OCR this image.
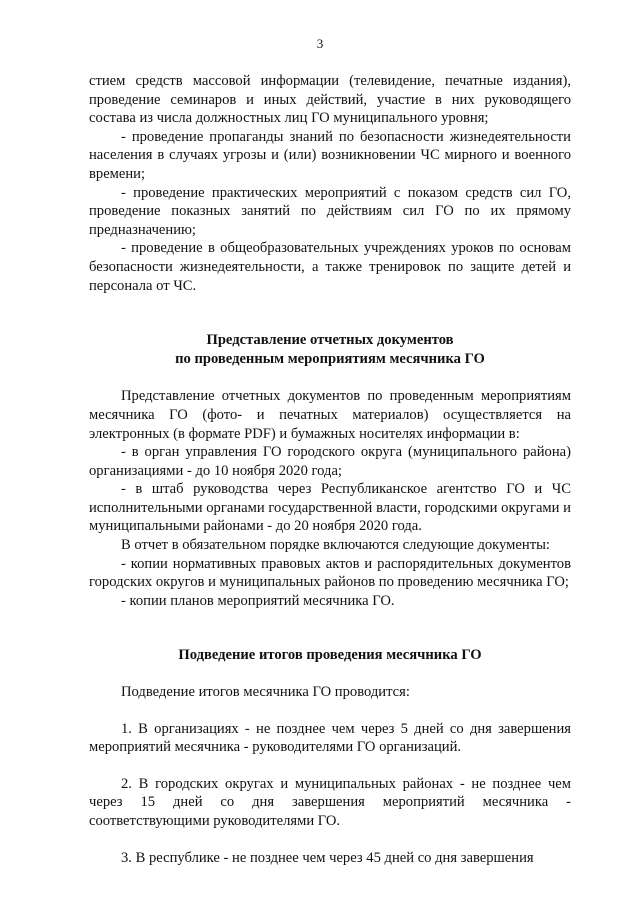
3

стием средств массовой информации (телевидение, печатные издания), проведение семинаров и иных действий, участие в них руководящего состава из числа должностных лиц ГО муниципального уровня;

- проведение пропаганды знаний по безопасности жизнедеятельности населения в случаях угрозы и (или) возникновении ЧС мирного и военного времени;

- проведение практических мероприятий с показом средств сил ГО, проведение показных занятий по действиям сил ГО по их прямому предназначению;

- проведение в общеобразовательных учреждениях уроков по основам безопасности жизнедеятельности, а также тренировок по защите детей и персонала от ЧС.

Представление отчетных документов
по проведенным мероприятиям месячника ГО

Представление отчетных документов по проведенным мероприятиям месячника ГО (фото- и печатных материалов) осуществляется на электронных (в формате PDF) и бумажных носителях информации в:

- в орган управления ГО городского округа (муниципального района) организациями - до 10 ноября 2020 года;

- в штаб руководства через Республиканское агентство ГО и ЧС исполнительными органами государственной власти, городскими округами и муниципальными районами - до 20 ноября 2020 года.

В отчет в обязательном порядке включаются следующие документы:

- копии нормативных правовых актов и распорядительных документов городских округов и муниципальных районов по проведению месячника ГО;

- копии планов мероприятий месячника ГО.

Подведение итогов проведения месячника ГО

Подведение итогов месячника ГО проводится:

1. В организациях - не позднее чем через 5 дней со дня завершения мероприятий месячника - руководителями ГО организаций.

2. В городских округах и муниципальных районах - не позднее чем через 15 дней со дня завершения мероприятий месячника - соответствующими руководителями ГО.

3. В республике - не позднее чем через 45 дней со дня завершения
